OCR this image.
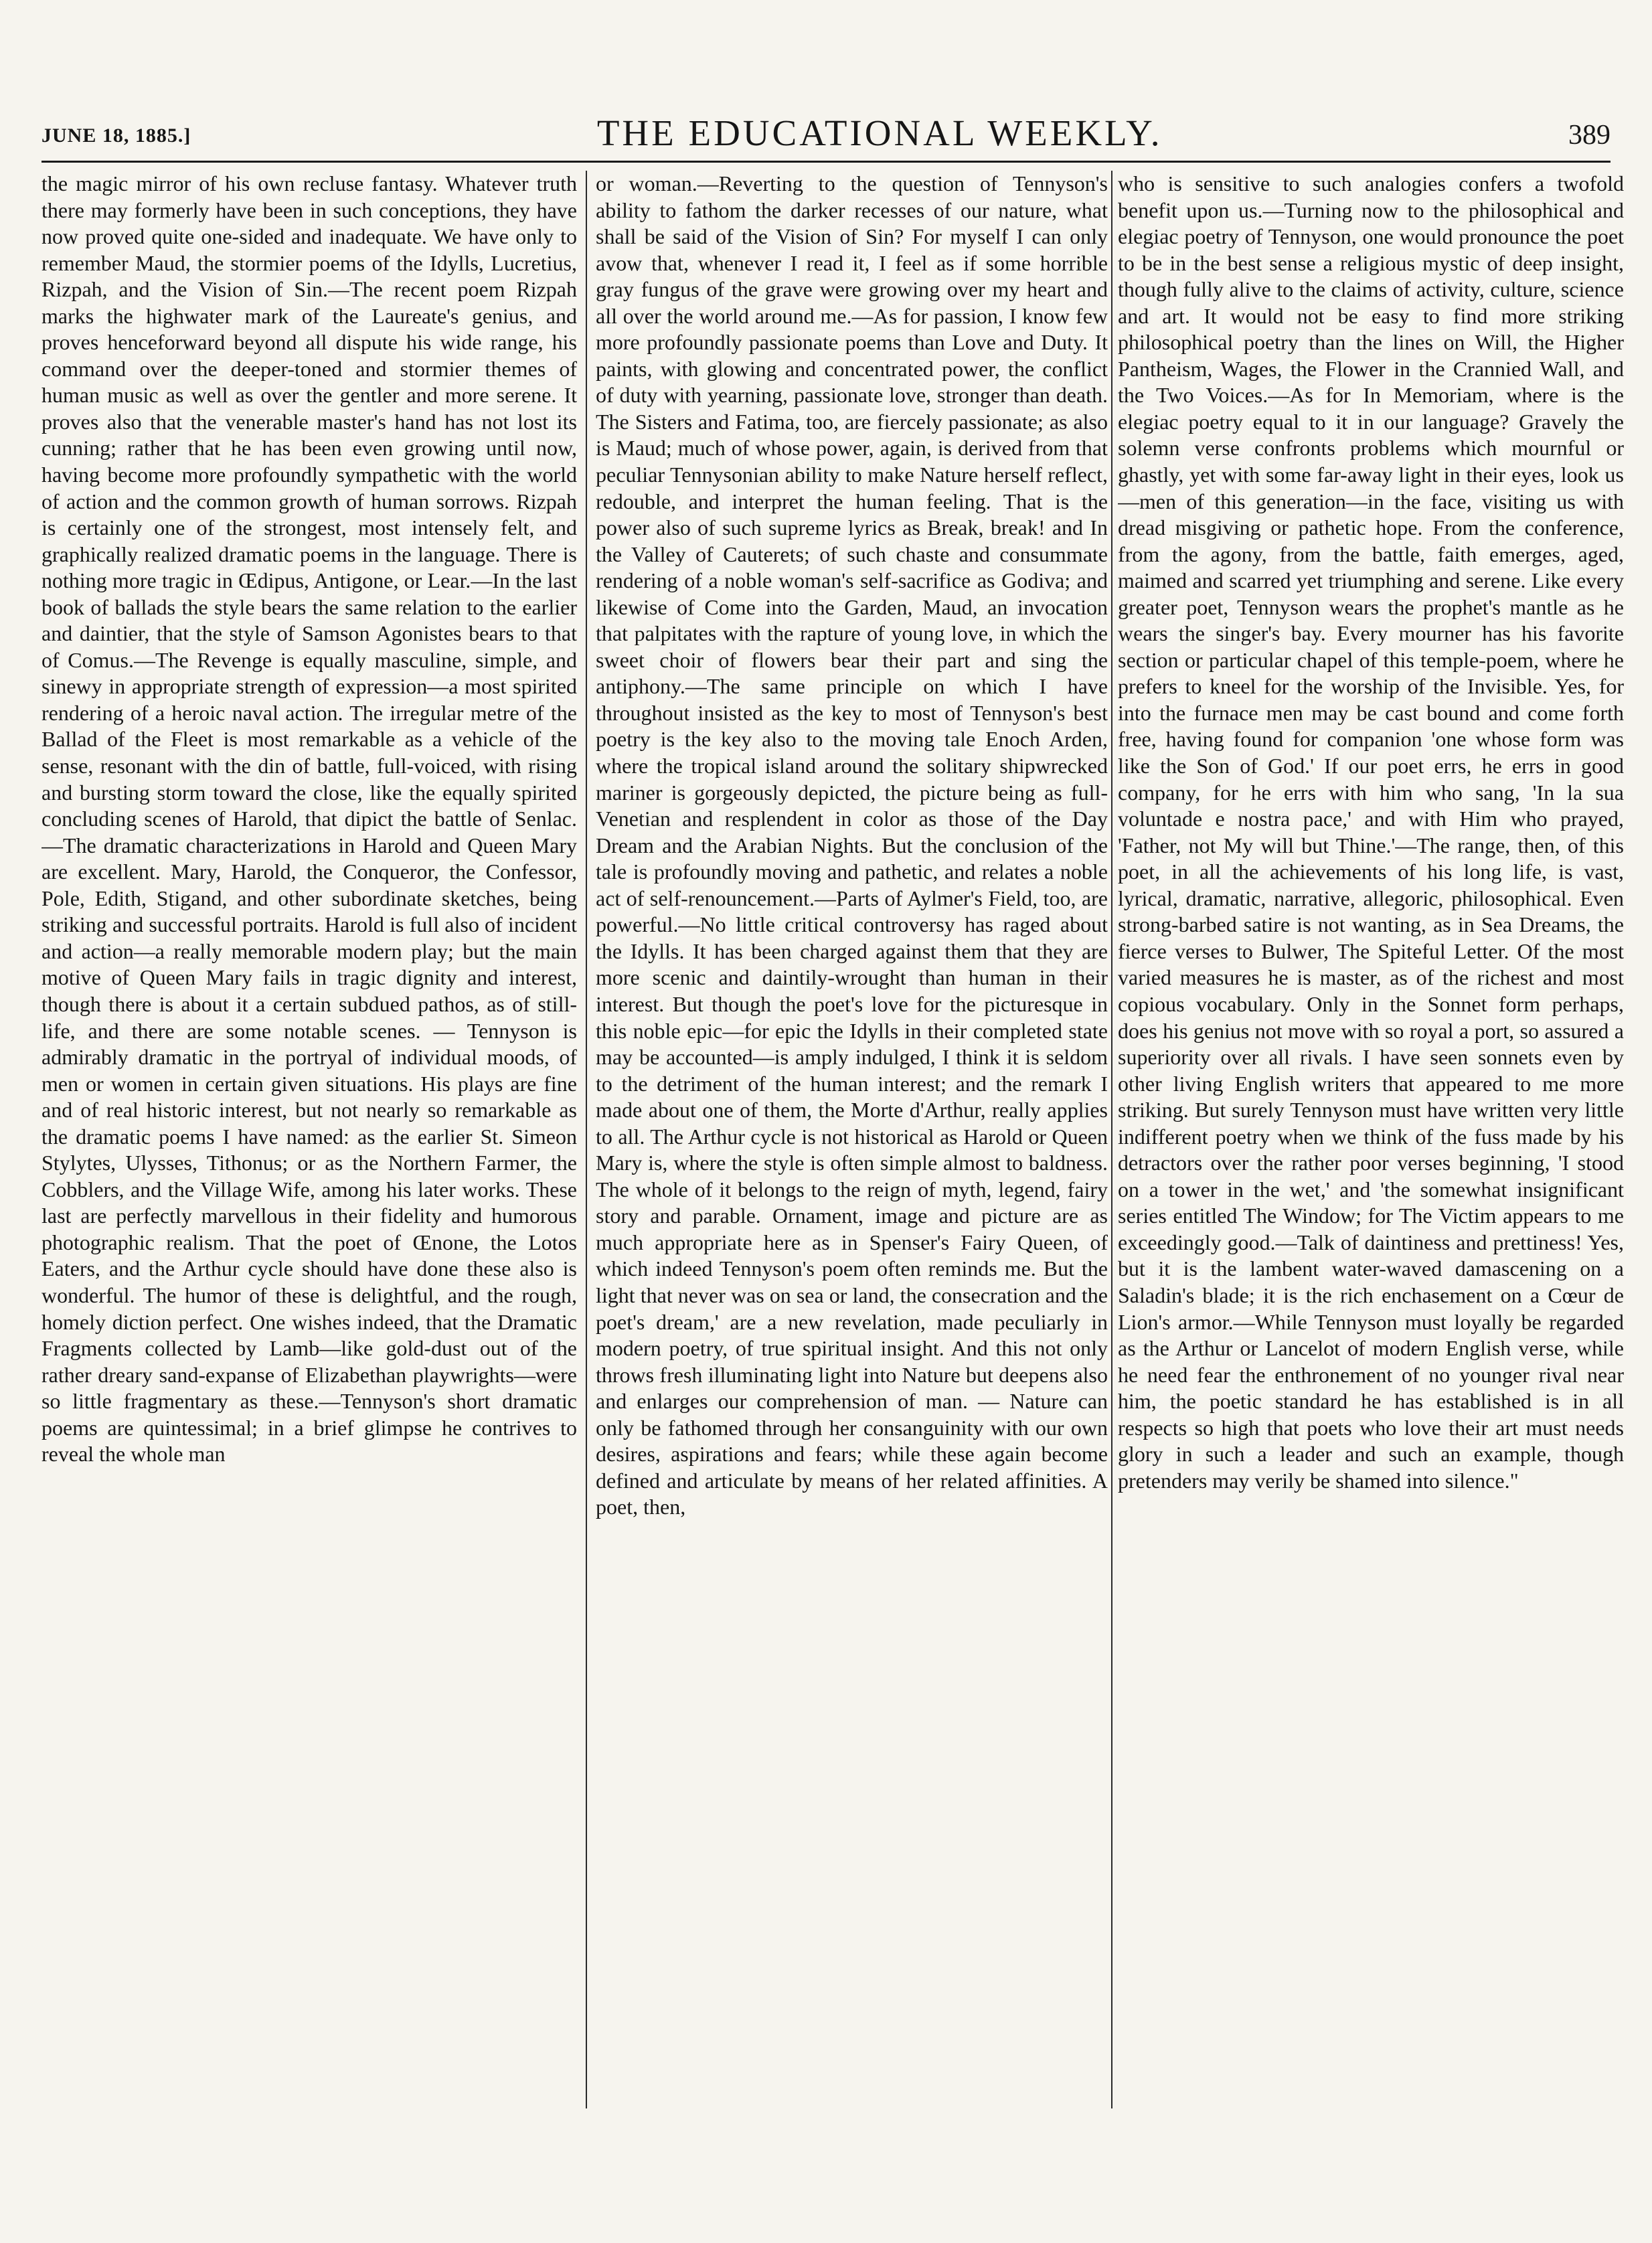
JUNE 18, 1885.]	THE EDUCATIONAL WEEKLY.	389

the magic mirror of his own recluse fantasy. Whatever truth there may formerly have been in such conceptions, they have now proved quite one-sided and inadequate. We have only to remember Maud, the stormier poems of the Idylls, Lucretius, Rizpah, and the Vision of Sin.—The recent poem Rizpah marks the highwater mark of the Laureate's genius, and proves henceforward beyond all dispute his wide range, his command over the deeper-toned and stormier themes of human music as well as over the gentler and more serene. It proves also that the venerable master's hand has not lost its cunning; rather that he has been even growing until now, having become more profoundly sympathetic with the world of action and the common growth of human sorrows. Rizpah is certainly one of the strongest, most intensely felt, and graphically realized dramatic poems in the language. There is nothing more tragic in Œdipus, Antigone, or Lear.—In the last book of ballads the style bears the same relation to the earlier and daintier, that the style of Samson Agonistes bears to that of Comus.—The Revenge is equally masculine, simple, and sinewy in appropriate strength of expression—a most spirited rendering of a heroic naval action. The irregular metre of the Ballad of the Fleet is most remarkable as a vehicle of the sense, resonant with the din of battle, full-voiced, with rising and bursting storm toward the close, like the equally spirited concluding scenes of Harold, that dipict the battle of Senlac.—The dramatic characterizations in Harold and Queen Mary are excellent. Mary, Harold, the Conqueror, the Confessor, Pole, Edith, Stigand, and other subordinate sketches, being striking and successful portraits. Harold is full also of incident and action—a really memorable modern play; but the main motive of Queen Mary fails in tragic dignity and interest, though there is about it a certain subdued pathos, as of still-life, and there are some notable scenes. — Tennyson is admirably dramatic in the portryal of individual moods, of men or women in certain given situations. His plays are fine and of real historic interest, but not nearly so remarkable as the dramatic poems I have named: as the earlier St. Simeon Stylytes, Ulysses, Tithonus; or as the Northern Farmer, the Cobblers, and the Village Wife, among his later works. These last are perfectly marvellous in their fidelity and humorous photographic realism. That the poet of Œnone, the Lotos Eaters, and the Arthur cycle should have done these also is wonderful. The humor of these is delightful, and the rough, homely diction perfect. One wishes indeed, that the Dramatic Fragments collected by Lamb—like gold-dust out of the rather dreary sand-expanse of Elizabethan playwrights—were so little fragmentary as these.—Tennyson's short dramatic poems are quintessimal; in a brief glimpse he contrives to reveal the whole man

or woman.—Reverting to the question of Tennyson's ability to fathom the darker recesses of our nature, what shall be said of the Vision of Sin? For myself I can only avow that, whenever I read it, I feel as if some horrible gray fungus of the grave were growing over my heart and all over the world around me.—As for passion, I know few more profoundly passionate poems than Love and Duty. It paints, with glowing and concentrated power, the conflict of duty with yearning, passionate love, stronger than death. The Sisters and Fatima, too, are fiercely passionate; as also is Maud; much of whose power, again, is derived from that peculiar Tennysonian ability to make Nature herself reflect, redouble, and interpret the human feeling. That is the power also of such supreme lyrics as Break, break! and In the Valley of Cauterets; of such chaste and consummate rendering of a noble woman's self-sacrifice as Godiva; and likewise of Come into the Garden, Maud, an invocation that palpitates with the rapture of young love, in which the sweet choir of flowers bear their part and sing the antiphony.—The same principle on which I have throughout insisted as the key to most of Tennyson's best poetry is the key also to the moving tale Enoch Arden, where the tropical island around the solitary shipwrecked mariner is gorgeously depicted, the picture being as full-Venetian and resplendent in color as those of the Day Dream and the Arabian Nights. But the conclusion of the tale is profoundly moving and pathetic, and relates a noble act of self-renouncement.—Parts of Aylmer's Field, too, are powerful.—No little critical controversy has raged about the Idylls. It has been charged against them that they are more scenic and daintily-wrought than human in their interest. But though the poet's love for the picturesque in this noble epic—for epic the Idylls in their completed state may be accounted—is amply indulged, I think it is seldom to the detriment of the human interest; and the remark I made about one of them, the Morte d'Arthur, really applies to all. The Arthur cycle is not historical as Harold or Queen Mary is, where the style is often simple almost to baldness. The whole of it belongs to the reign of myth, legend, fairy story and parable. Ornament, image and picture are as much appropriate here as in Spenser's Fairy Queen, of which indeed Tennyson's poem often reminds me. But the light that never was on sea or land, the consecration and the poet's dream,' are a new revelation, made peculiarly in modern poetry, of true spiritual insight. And this not only throws fresh illuminating light into Nature but deepens also and enlarges our comprehension of man. — Nature can only be fathomed through her consanguinity with our own desires, aspirations and fears; while these again become defined and articulate by means of her related affinities. A poet, then,

who is sensitive to such analogies confers a twofold benefit upon us.—Turning now to the philosophical and elegiac poetry of Tennyson, one would pronounce the poet to be in the best sense a religious mystic of deep insight, though fully alive to the claims of activity, culture, science and art. It would not be easy to find more striking philosophical poetry than the lines on Will, the Higher Pantheism, Wages, the Flower in the Crannied Wall, and the Two Voices.—As for In Memoriam, where is the elegiac poetry equal to it in our language? Gravely the solemn verse confronts problems which mournful or ghastly, yet with some far-away light in their eyes, look us—men of this generation—in the face, visiting us with dread misgiving or pathetic hope. From the conference, from the agony, from the battle, faith emerges, aged, maimed and scarred yet triumphing and serene. Like every greater poet, Tennyson wears the prophet's mantle as he wears the singer's bay. Every mourner has his favorite section or particular chapel of this temple-poem, where he prefers to kneel for the worship of the Invisible. Yes, for into the furnace men may be cast bound and come forth free, having found for companion 'one whose form was like the Son of God.' If our poet errs, he errs in good company, for he errs with him who sang, 'In la sua voluntade e nostra pace,' and with Him who prayed, 'Father, not My will but Thine.'—The range, then, of this poet, in all the achievements of his long life, is vast, lyrical, dramatic, narrative, allegoric, philosophical. Even strong-barbed satire is not wanting, as in Sea Dreams, the fierce verses to Bulwer, The Spiteful Letter. Of the most varied measures he is master, as of the richest and most copious vocabulary. Only in the Sonnet form perhaps, does his genius not move with so royal a port, so assured a superiority over all rivals. I have seen sonnets even by other living English writers that appeared to me more striking. But surely Tennyson must have written very little indifferent poetry when we think of the fuss made by his detractors over the rather poor verses beginning, 'I stood on a tower in the wet,' and 'the somewhat insignificant series entitled The Window; for The Victim appears to me exceedingly good.—Talk of daintiness and prettiness! Yes, but it is the lambent water-waved damascening on a Saladin's blade; it is the rich enchasement on a Cœur de Lion's armor.—While Tennyson must loyally be regarded as the Arthur or Lancelot of modern English verse, while he need fear the enthronement of no younger rival near him, the poetic standard he has established is in all respects so high that poets who love their art must needs glory in such a leader and such an example, though pretenders may verily be shamed into silence."
